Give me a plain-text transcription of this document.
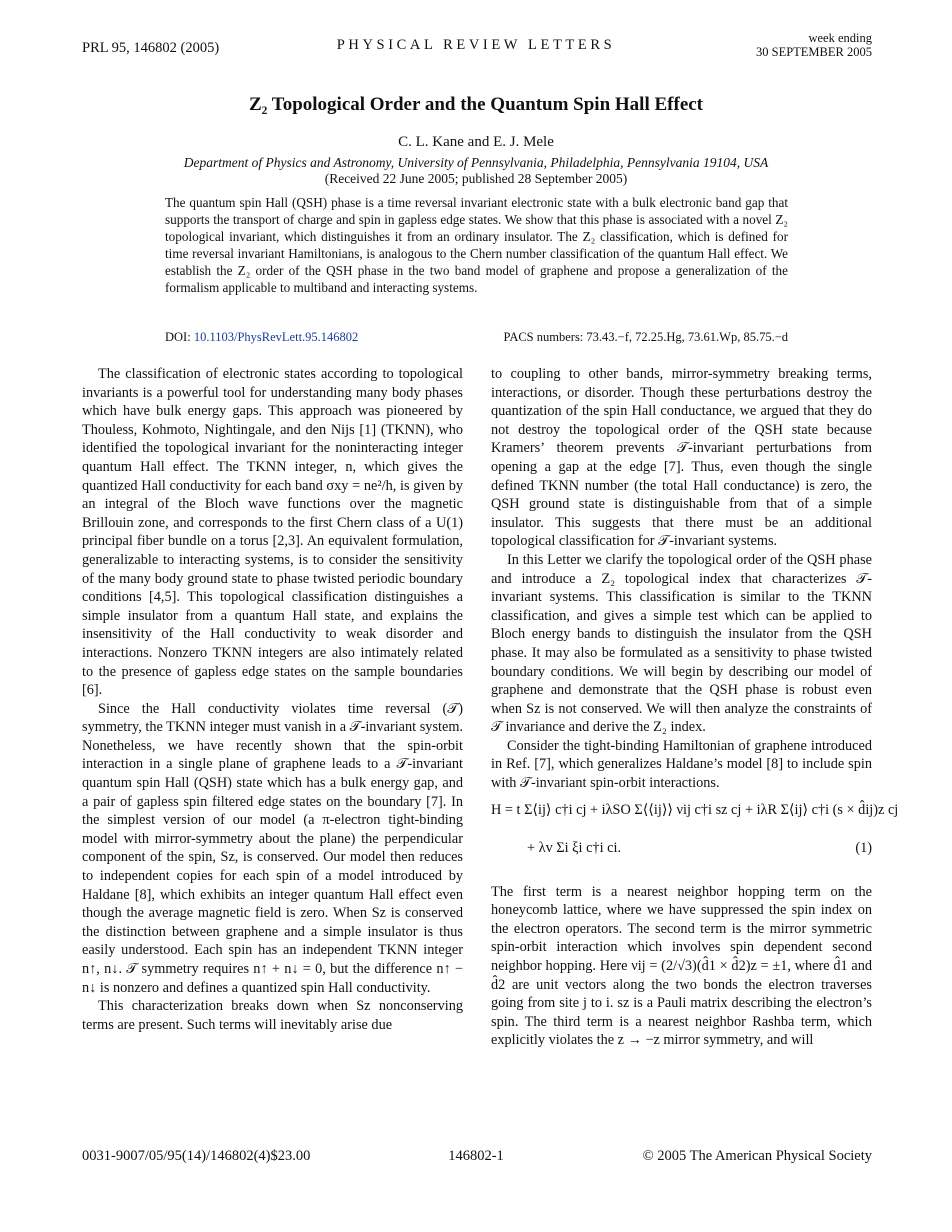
PRL 95, 146802 (2005)	PHYSICAL REVIEW LETTERS	week ending
30 SEPTEMBER 2005
Z₂ Topological Order and the Quantum Spin Hall Effect
C. L. Kane and E. J. Mele
Department of Physics and Astronomy, University of Pennsylvania, Philadelphia, Pennsylvania 19104, USA
(Received 22 June 2005; published 28 September 2005)
The quantum spin Hall (QSH) phase is a time reversal invariant electronic state with a bulk electronic band gap that supports the transport of charge and spin in gapless edge states. We show that this phase is associated with a novel Z₂ topological invariant, which distinguishes it from an ordinary insulator. The Z₂ classification, which is defined for time reversal invariant Hamiltonians, is analogous to the Chern number classification of the quantum Hall effect. We establish the Z₂ order of the QSH phase in the two band model of graphene and propose a generalization of the formalism applicable to multiband and interacting systems.
DOI: 10.1103/PhysRevLett.95.146802	PACS numbers: 73.43.−f, 72.25.Hg, 73.61.Wp, 85.75.−d

The classification of electronic states according to topological invariants is a powerful tool for understanding many body phases which have bulk energy gaps. This approach was pioneered by Thouless, Kohmoto, Nightingale, and den Nijs [1] (TKNN), who identified the topological invariant for the noninteracting integer quantum Hall effect. The TKNN integer, n, which gives the quantized Hall conductivity for each band σxy = ne²/h, is given by an integral of the Bloch wave functions over the magnetic Brillouin zone, and corresponds to the first Chern class of a U(1) principal fiber bundle on a torus [2,3]. An equivalent formulation, generalizable to interacting systems, is to consider the sensitivity of the many body ground state to phase twisted periodic boundary conditions [4,5]. This topological classification distinguishes a simple insulator from a quantum Hall state, and explains the insensitivity of the Hall conductivity to weak disorder and interactions. Nonzero TKNN integers are also intimately related to the presence of gapless edge states on the sample boundaries [6].

Since the Hall conductivity violates time reversal (𝒯) symmetry, the TKNN integer must vanish in a 𝒯-invariant system. Nonetheless, we have recently shown that the spin-orbit interaction in a single plane of graphene leads to a 𝒯-invariant quantum spin Hall (QSH) state which has a bulk energy gap, and a pair of gapless spin filtered edge states on the boundary [7]. In the simplest version of our model (a π-electron tight-binding model with mirror-symmetry about the plane) the perpendicular component of the spin, Sz, is conserved. Our model then reduces to independent copies for each spin of a model introduced by Haldane [8], which exhibits an integer quantum Hall effect even though the average magnetic field is zero. When Sz is conserved the distinction between graphene and a simple insulator is thus easily understood. Each spin has an independent TKNN integer n↑, n↓. 𝒯 symmetry requires n↑ + n↓ = 0, but the difference n↑ − n↓ is nonzero and defines a quantized spin Hall conductivity.

This characterization breaks down when Sz nonconserving terms are present. Such terms will inevitably arise due

to coupling to other bands, mirror-symmetry breaking terms, interactions, or disorder. Though these perturbations destroy the quantization of the spin Hall conductance, we argued that they do not destroy the topological order of the QSH state because Kramers’ theorem prevents 𝒯-invariant perturbations from opening a gap at the edge [7]. Thus, even though the single defined TKNN number (the total Hall conductance) is zero, the QSH ground state is distinguishable from that of a simple insulator. This suggests that there must be an additional topological classification for 𝒯-invariant systems.

In this Letter we clarify the topological order of the QSH phase and introduce a Z₂ topological index that characterizes 𝒯-invariant systems. This classification is similar to the TKNN classification, and gives a simple test which can be applied to Bloch energy bands to distinguish the insulator from the QSH phase. It may also be formulated as a sensitivity to phase twisted boundary conditions. We will begin by describing our model of graphene and demonstrate that the QSH phase is robust even when Sz is not conserved. We will then analyze the constraints of 𝒯 invariance and derive the Z₂ index.

Consider the tight-binding Hamiltonian of graphene introduced in Ref. [7], which generalizes Haldane’s model [8] to include spin with 𝒯-invariant spin-orbit interactions.

H = t Σ⟨ij⟩ c†i cj + iλSO Σ⟨⟨ij⟩⟩ νij c†i sz cj + iλR Σ⟨ij⟩ c†i (s × d̂ij)z cj
+ λv Σi ξi c†i ci.	(1)

The first term is a nearest neighbor hopping term on the honeycomb lattice, where we have suppressed the spin index on the electron operators. The second term is the mirror symmetric spin-orbit interaction which involves spin dependent second neighbor hopping. Here νij = (2/√3)(d̂1 × d̂2)z = ±1, where d̂1 and d̂2 are unit vectors along the two bonds the electron traverses going from site j to i. sz is a Pauli matrix describing the electron’s spin. The third term is a nearest neighbor Rashba term, which explicitly violates the z → −z mirror symmetry, and will

0031-9007/05/95(14)/146802(4)$23.00	146802-1	© 2005 The American Physical Society
